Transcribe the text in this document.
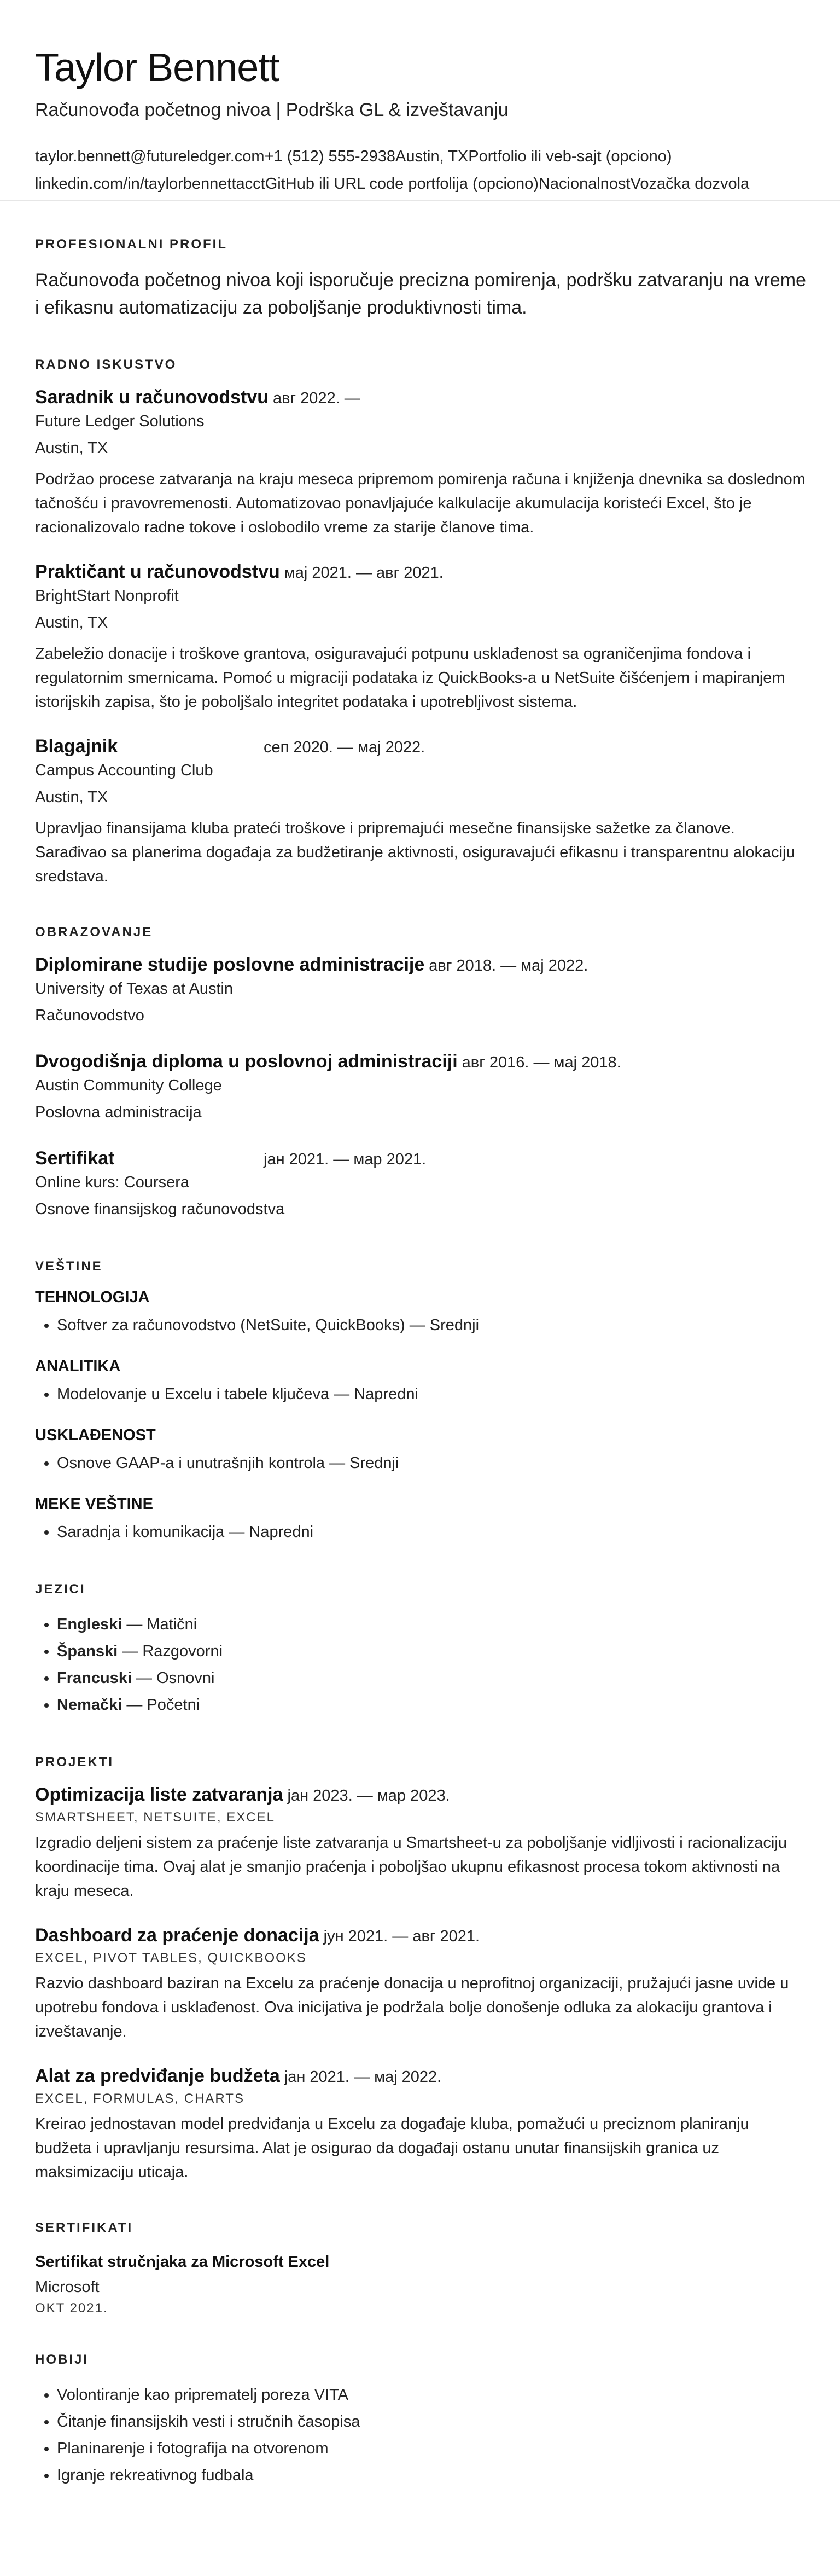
Taylor Bennett
Računovođa početnog nivoa | Podrška GL & izveštavanju
taylor.bennett@futureledger.com+1 (512) 555-2938Austin, TXPortfolio ili veb-sajt (opciono)
linkedin.com/in/taylorbennettacctGitHub ili URL code portfolija (opciono)NacionalnostVozačka dozvola
PROFESIONALNI PROFIL
Računovođa početnog nivoa koji isporučuje precizna pomirenja, podršku zatvaranju na vreme i efikasnu automatizaciju za poboljšanje produktivnosti tima.
RADNO ISKUSTVO
Saradnik u računovodstvu авг 2022. —
Future Ledger Solutions
Austin, TX
Podržao procese zatvaranja na kraju meseca pripremom pomirenja računa i knjiženja dnevnika sa doslednom tačnošću i pravovremenosti. Automatizovao ponavljajuće kalkulacije akumulacija koristeći Excel, što je racionalizovalo radne tokove i oslobodilo vreme za starije članove tima.
Praktičant u računovodstvu мај 2021. — авг 2021.
BrightStart Nonprofit
Austin, TX
Zabeležio donacije i troškove grantova, osiguravajući potpunu usklađenost sa ograničenjima fondova i regulatornim smernicama. Pomoć u migraciji podataka iz QuickBooks-a u NetSuite čišćenjem i mapiranjem istorijskih zapisa, što je poboljšalo integritet podataka i upotrebljivost sistema.
Blagajnik	сеп 2020. — мај 2022.
Campus Accounting Club
Austin, TX
Upravljao finansijama kluba prateći troškove i pripremajući mesečne finansijske sažetke za članove. Sarađivao sa planerima događaja za budžetiranje aktivnosti, osiguravajući efikasnu i transparentnu alokaciju sredstava.
OBRAZOVANJE
Diplomirane studije poslovne administracije авг 2018. — мај 2022.
University of Texas at Austin
Računovodstvo
Dvogodišnja diploma u poslovnoj administraciji авг 2016. — мај 2018.
Austin Community College
Poslovna administracija
Sertifikat	јан 2021. — мар 2021.
Online kurs: Coursera
Osnove finansijskog računovodstva
VEŠTINE
TEHNOLOGIJA
• Softver za računovodstvo (NetSuite, QuickBooks) — Srednji
ANALITIKA
• Modelovanje u Excelu i tabele ključeva — Napredni
USKLAĐENOST
• Osnove GAAP-a i unutrašnjih kontrola — Srednji
MEKE VEŠTINE
• Saradnja i komunikacija — Napredni
JEZICI
• Engleski — Matični
• Španski — Razgovorni
• Francuski — Osnovni
• Nemački — Početni
PROJEKTI
Optimizacija liste zatvaranja јан 2023. — мар 2023.
SMARTSHEET, NETSUITE, EXCEL
Izgradio deljeni sistem za praćenje liste zatvaranja u Smartsheet-u za poboljšanje vidljivosti i racionalizaciju koordinacije tima. Ovaj alat je smanjio praćenja i poboljšao ukupnu efikasnost procesa tokom aktivnosti na kraju meseca.
Dashboard za praćenje donacija јун 2021. — авг 2021.
EXCEL, PIVOT TABLES, QUICKBOOKS
Razvio dashboard baziran na Excelu za praćenje donacija u neprofitnoj organizaciji, pružajući jasne uvide u upotrebu fondova i usklađenost. Ova inicijativa je podržala bolje donošenje odluka za alokaciju grantova i izveštavanje.
Alat za predviđanje budžeta јан 2021. — мај 2022.
EXCEL, FORMULAS, CHARTS
Kreirao jednostavan model predviđanja u Excelu za događaje kluba, pomažući u preciznom planiranju budžeta i upravljanju resursima. Alat je osigurao da događaji ostanu unutar finansijskih granica uz maksimizaciju uticaja.
SERTIFIKATI
Sertifikat stručnjaka za Microsoft Excel
Microsoft
OKT 2021.
HOBIJI
• Volontiranje kao priprematelj poreza VITA
• Čitanje finansijskih vesti i stručnih časopisa
• Planinarenje i fotografija na otvorenom
• Igranje rekreativnog fudbala
